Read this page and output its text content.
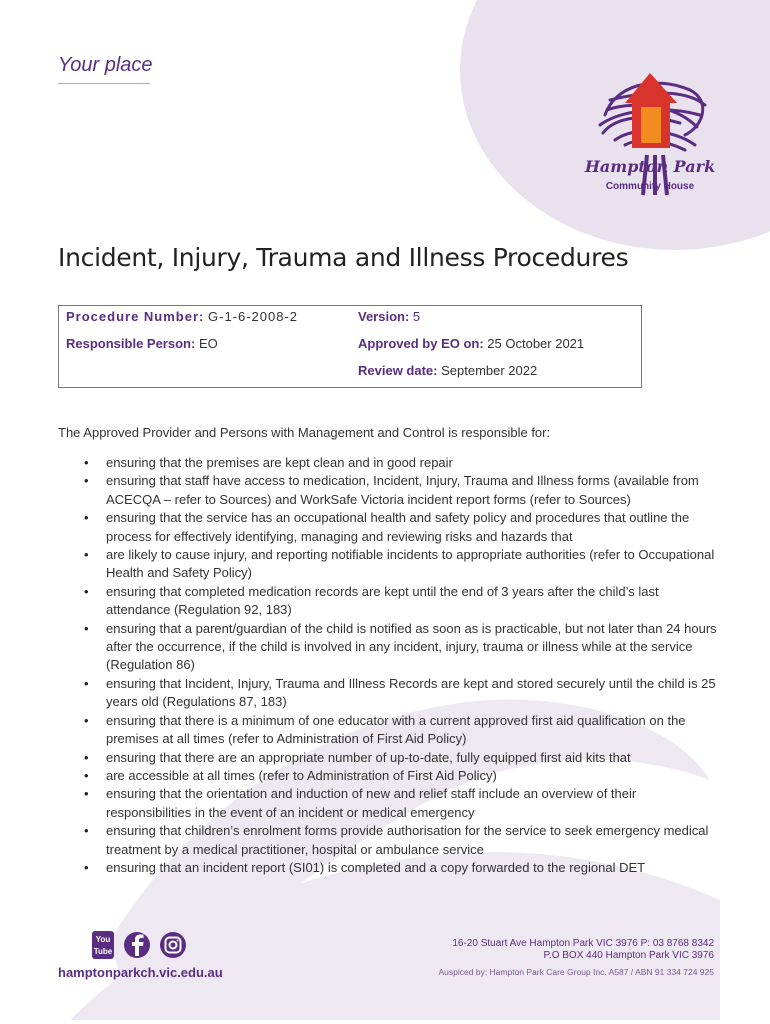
Your place
Hampton Park
Community House
Incident, Injury, Trauma and Illness Procedures
Procedure Number: G-1-6-2008-2
Responsible Person: EO
Version: 5
Approved by EO on: 25 October 2021
Review date: September 2022
The Approved Provider and Persons with Management and Control is responsible for:
• ensuring that the premises are kept clean and in good repair
• ensuring that staff have access to medication, Incident, Injury, Trauma and Illness forms (available from ACECQA – refer to Sources) and WorkSafe Victoria incident report forms (refer to Sources)
• ensuring that the service has an occupational health and safety policy and procedures that outline the process for effectively identifying, managing and reviewing risks and hazards that
• are likely to cause injury, and reporting notifiable incidents to appropriate authorities (refer to Occupational Health and Safety Policy)
• ensuring that completed medication records are kept until the end of 3 years after the child’s last attendance (Regulation 92, 183)
• ensuring that a parent/guardian of the child is notified as soon as is practicable, but not later than 24 hours after the occurrence, if the child is involved in any incident, injury, trauma or illness while at the service (Regulation 86)
• ensuring that Incident, Injury, Trauma and Illness Records are kept and stored securely until the child is 25 years old (Regulations 87, 183)
• ensuring that there is a minimum of one educator with a current approved first aid qualification on the premises at all times (refer to Administration of First Aid Policy)
• ensuring that there are an appropriate number of up-to-date, fully equipped first aid kits that
• are accessible at all times (refer to Administration of First Aid Policy)
• ensuring that the orientation and induction of new and relief staff include an overview of their responsibilities in the event of an incident or medical emergency
• ensuring that children’s enrolment forms provide authorisation for the service to seek emergency medical treatment by a medical practitioner, hospital or ambulance service
• ensuring that an incident report (SI01) is completed and a copy forwarded to the regional DET
You
Tube
hamptonparkch.vic.edu.au
16-20 Stuart Ave Hampton Park VIC 3976 P: 03 8768 8342
P.O BOX 440 Hampton Park VIC 3976
Auspiced by: Hampton Park Care Group Inc. A587 / ABN 91 334 724 925
